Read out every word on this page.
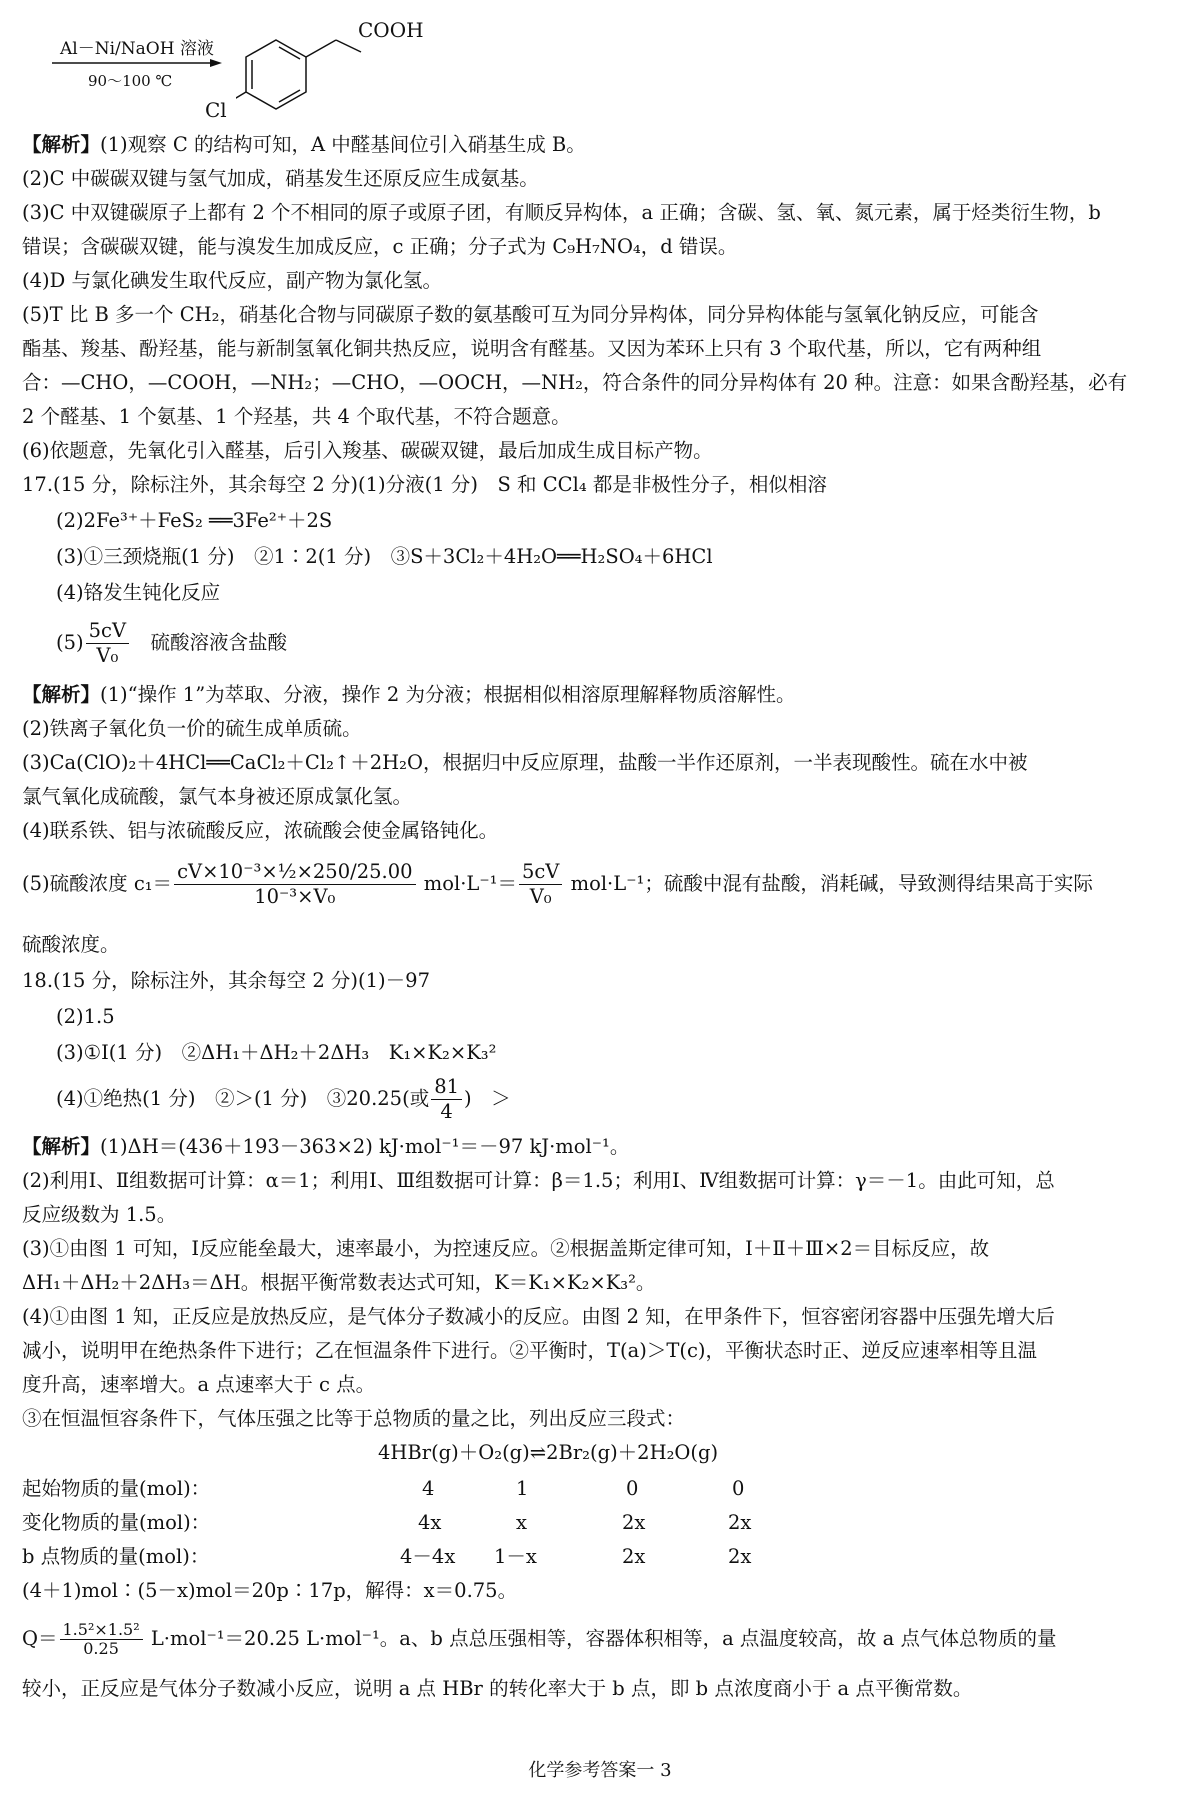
Al－Ni/NaOH 溶液
90～100 ℃
COOH
Cl
【解析】(1)观察 C 的结构可知，A 中醛基间位引入硝基生成 B。
(2)C 中碳碳双键与氢气加成，硝基发生还原反应生成氨基。
(3)C 中双键碳原子上都有 2 个不相同的原子或原子团，有顺反异构体，a 正确；含碳、氢、氧、氮元素，属于烃类衍生物，b
错误；含碳碳双键，能与溴发生加成反应，c 正确；分子式为 C₉H₇NO₄，d 错误。
(4)D 与氯化碘发生取代反应，副产物为氯化氢。
(5)T 比 B 多一个 CH₂，硝基化合物与同碳原子数的氨基酸可互为同分异构体，同分异构体能与氢氧化钠反应，可能含
酯基、羧基、酚羟基，能与新制氢氧化铜共热反应，说明含有醛基。又因为苯环上只有 3 个取代基，所以，它有两种组
合：—CHO，—COOH，—NH₂；—CHO，—OOCH，—NH₂，符合条件的同分异构体有 20 种。注意：如果含酚羟基，必有
2 个醛基、1 个氨基、1 个羟基，共 4 个取代基，不符合题意。
(6)依题意，先氧化引入醛基，后引入羧基、碳碳双键，最后加成生成目标产物。
17.(15 分，除标注外，其余每空 2 分)(1)分液(1 分)　S 和 CCl₄ 都是非极性分子，相似相溶
(2)2Fe³⁺＋FeS₂ ══3Fe²⁺＋2S
(3)①三颈烧瓶(1 分)　②1∶2(1 分)　③S＋3Cl₂＋4H₂O══H₂SO₄＋6HCl
(4)铬发生钝化反应
$(5) \frac{5cV}{\text{V₀}}$ 　硫酸溶液含盐酸
【解析】(1)“操作 1”为萃取、分液，操作 2 为分液；根据相似相溶原理解释物质溶解性。
(2)铁离子氧化负一价的硫生成单质硫。
(3)Ca(ClO)₂＋4HCl══CaCl₂＋Cl₂↑＋2H₂O，根据归中反应原理，盐酸一半作还原剂，一半表现酸性。硫在水中被
氯气氧化成硫酸，氯气本身被还原成氯化氢。
(4)联系铁、铝与浓硫酸反应，浓硫酸会使金属铬钝化。
(5)硫酸浓度 $c_1= \frac{\text{cV×10⁻³×½×250/25.00}}{\text{10⁻³×V₀}} mol\cdot L^{-1}= \frac{5cV}{\text{V₀}} mol\cdot L^{-1}$；硫酸中混有盐酸，消耗碱，导致测得结果高于实际
硫酸浓度。
18.(15 分，除标注外，其余每空 2 分)(1)－97
(2)1.5
(3)①Ⅰ(1 分)　②ΔH₁＋ΔH₂＋2ΔH₃　K₁×K₂×K₃²
(4)①绝热(1 分)　②＞(1 分)　③20.25(或 $\frac{81}{4}$ )　＞
【解析】(1)ΔH＝(436＋193－363×2) kJ·mol⁻¹＝－97 kJ·mol⁻¹。
(2)利用Ⅰ、Ⅱ组数据可计算：α＝1；利用Ⅰ、Ⅲ组数据可计算：β＝1.5；利用Ⅰ、Ⅳ组数据可计算：γ＝－1。由此可知，总
反应级数为 1.5。
(3)①由图 1 可知，Ⅰ反应能垒最大，速率最小，为控速反应。②根据盖斯定律可知，Ⅰ＋Ⅱ＋Ⅲ×2＝目标反应，故
ΔH₁＋ΔH₂＋2ΔH₃＝ΔH。根据平衡常数表达式可知，K＝K₁×K₂×K₃²。
(4)①由图 1 知，正反应是放热反应，是气体分子数减小的反应。由图 2 知，在甲条件下，恒容密闭容器中压强先增大后
减小，说明甲在绝热条件下进行；乙在恒温条件下进行。②平衡时，T(a)＞T(c)，平衡状态时正、逆反应速率相等且温
度升高，速率增大。a 点速率大于 c 点。
③在恒温恒容条件下，气体压强之比等于总物质的量之比，列出反应三段式：
4HBr(g)＋O₂(g)⇌2Br₂(g)＋2H₂O(g)
起始物质的量(mol)：	4	1	0	0
变化物质的量(mol)：	4x	x	2x	2x
b 点物质的量(mol)：	4－4x 1－x	2x	2x
(4＋1)mol∶(5－x)mol＝20p∶17p，解得：x＝0.75。
$Q= \frac{\text{1.5²×1.5²}}{0.25} L\cdot mol^{-1}=20.25$ L·mol⁻¹。a、b 点总压强相等，容器体积相等，a 点温度较高，故 a 点气体总物质的量
较小，正反应是气体分子数减小反应，说明 a 点 HBr 的转化率大于 b 点，即 b 点浓度商小于 a 点平衡常数。
化学参考答案一 3
